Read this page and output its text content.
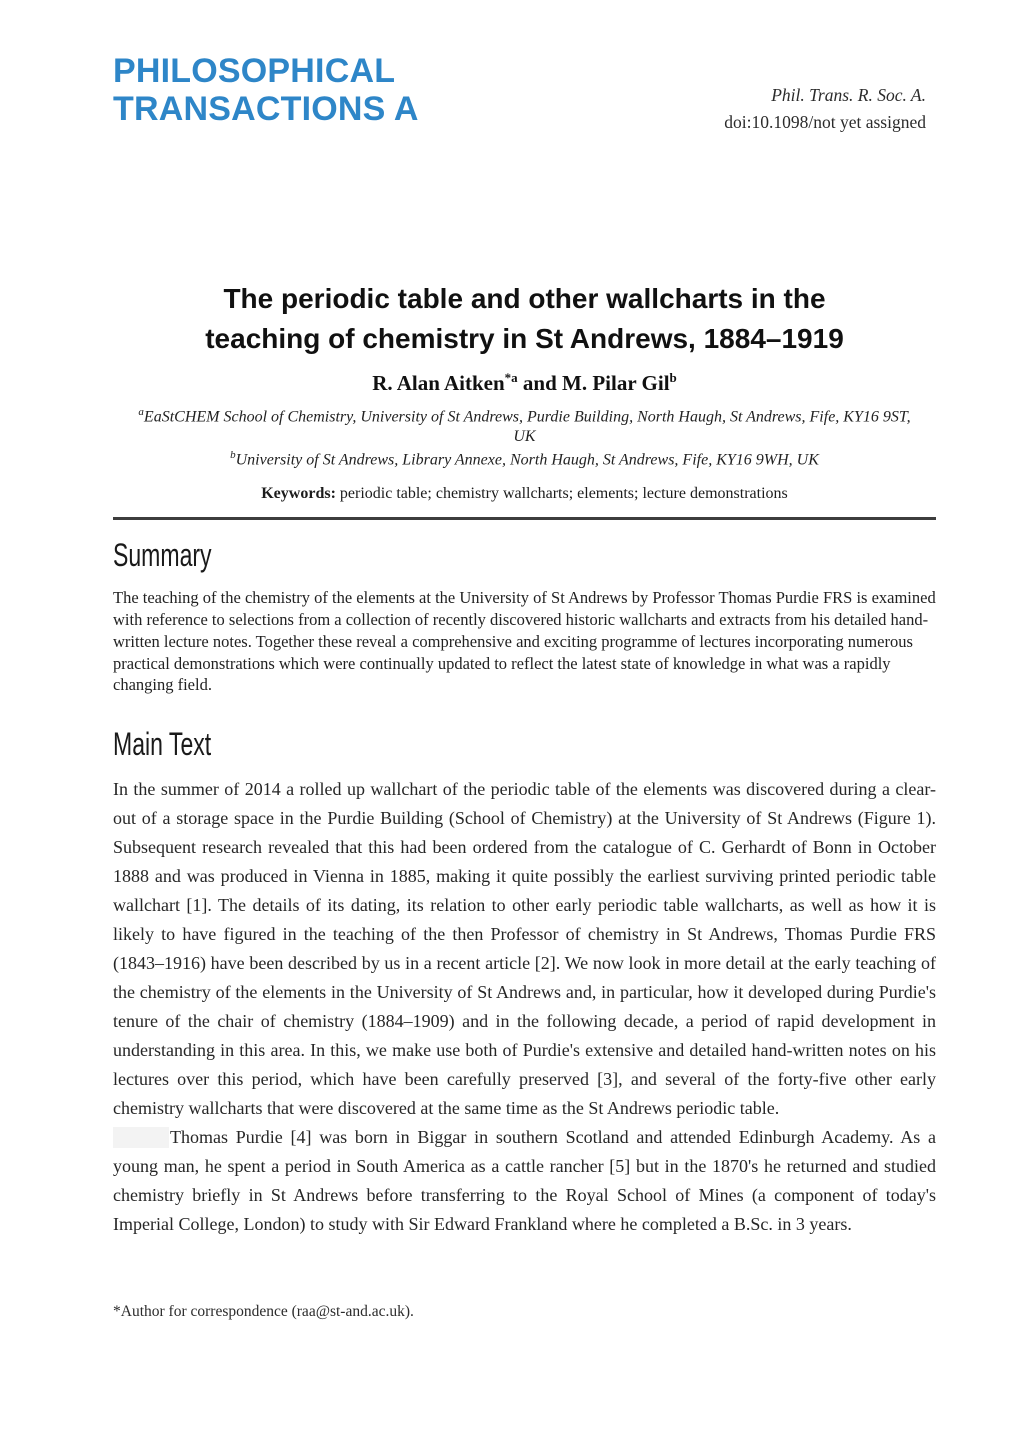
PHILOSOPHICAL
TRANSACTIONS A	Phil. Trans. R. Soc. A.
doi:10.1098/not yet assigned
The periodic table and other wallcharts in the
teaching of chemistry in St Andrews, 1884–1919
R. Alan Aitken$^{*a}$ and M. Pilar Gil$^b$
$^a$EaStCHEM School of Chemistry, University of St Andrews, Purdie Building, North Haugh, St Andrews, Fife, KY16 9ST, UK
$^b$University of St Andrews, Library Annexe, North Haugh, St Andrews, Fife, KY16 9WH, UK
Keywords: periodic table; chemistry wallcharts; elements; lecture demonstrations
Summary

The teaching of the chemistry of the elements at the University of St Andrews by Professor Thomas Purdie FRS is examined with reference to selections from a collection of recently discovered historic wallcharts and extracts from his detailed hand-written lecture notes. Together these reveal a comprehensive and exciting programme of lectures incorporating numerous practical demonstrations which were continually updated to reflect the latest state of knowledge in what was a rapidly changing field.

Main Text

In the summer of 2014 a rolled up wallchart of the periodic table of the elements was discovered during a clear-out of a storage space in the Purdie Building (School of Chemistry) at the University of St Andrews (Figure 1). Subsequent research revealed that this had been ordered from the catalogue of C. Gerhardt of Bonn in October 1888 and was produced in Vienna in 1885, making it quite possibly the earliest surviving printed periodic table wallchart [1]. The details of its dating, its relation to other early periodic table wallcharts, as well as how it is likely to have figured in the teaching of the then Professor of chemistry in St Andrews, Thomas Purdie FRS (1843–1916) have been described by us in a recent article [2]. We now look in more detail at the early teaching of the chemistry of the elements in the University of St Andrews and, in particular, how it developed during Purdie's tenure of the chair of chemistry (1884–1909) and in the following decade, a period of rapid development in understanding in this area. In this, we make use both of Purdie's extensive and detailed hand-written notes on his lectures over this period, which have been carefully preserved [3], and several of the forty-five other early chemistry wallcharts that were discovered at the same time as the St Andrews periodic table.

Thomas Purdie [4] was born in Biggar in southern Scotland and attended Edinburgh Academy. As a young man, he spent a period in South America as a cattle rancher [5] but in the 1870's he returned and studied chemistry briefly in St Andrews before transferring to the Royal School of Mines (a component of today's Imperial College, London) to study with Sir Edward Frankland where he completed a B.Sc. in 3 years.

*Author for correspondence (raa@st-and.ac.uk).
